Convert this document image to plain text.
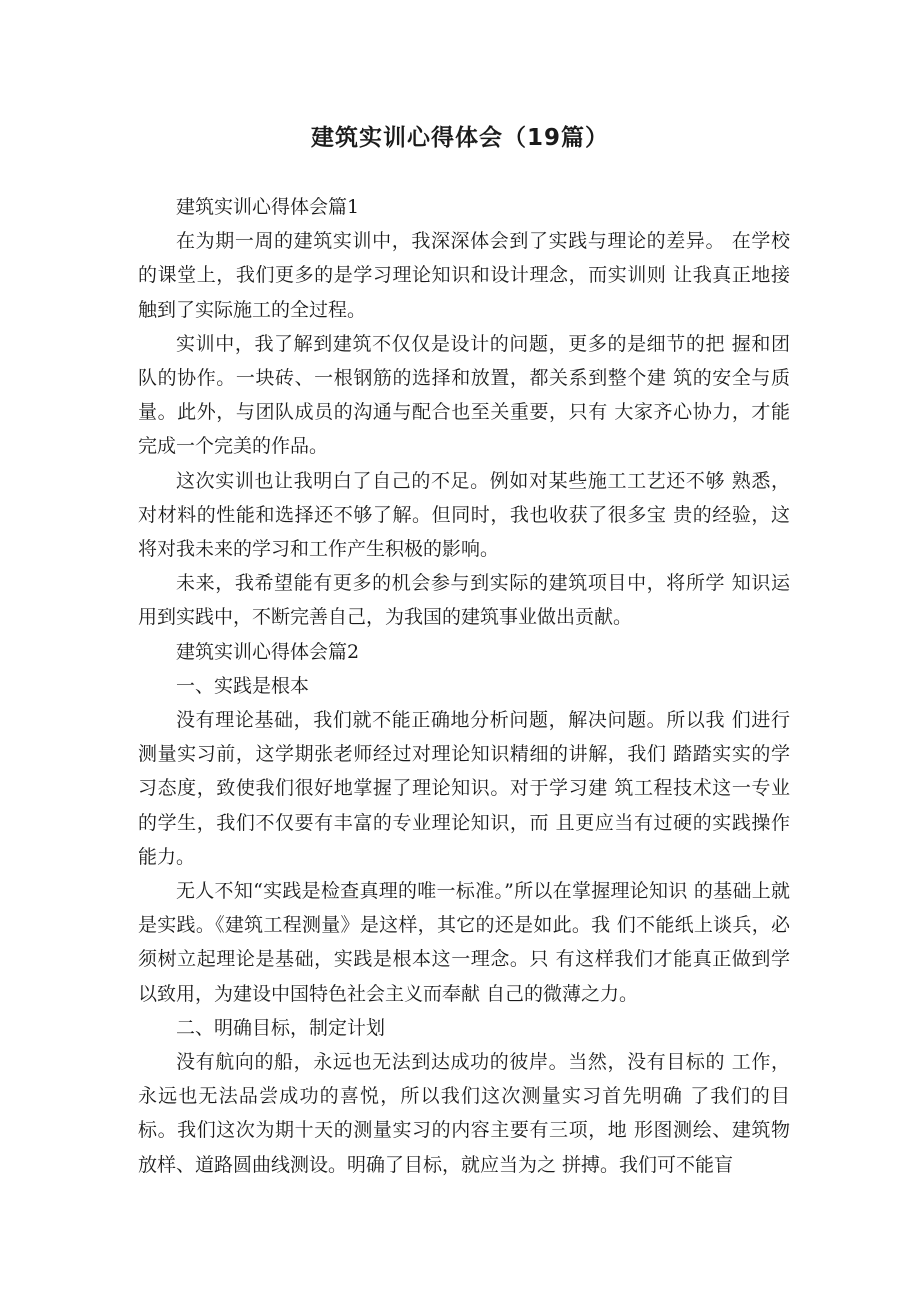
建筑实训心得体会（19篇）

建筑实训心得体会篇1

在为期一周的建筑实训中，我深深体会到了实践与理论的差异。 在学校的课堂上，我们更多的是学习理论知识和设计理念，而实训则 让我真正地接触到了实际施工的全过程。

实训中，我了解到建筑不仅仅是设计的问题，更多的是细节的把 握和团队的协作。一块砖、一根钢筋的选择和放置，都关系到整个建 筑的安全与质量。此外，与团队成员的沟通与配合也至关重要，只有 大家齐心协力，才能完成一个完美的作品。

这次实训也让我明白了自己的不足。例如对某些施工工艺还不够 熟悉，对材料的性能和选择还不够了解。但同时，我也收获了很多宝 贵的经验，这将对我未来的学习和工作产生积极的影响。

未来，我希望能有更多的机会参与到实际的建筑项目中，将所学 知识运用到实践中，不断完善自己，为我国的建筑事业做出贡献。

建筑实训心得体会篇2

一、实践是根本

没有理论基础，我们就不能正确地分析问题，解决问题。所以我 们进行测量实习前，这学期张老师经过对理论知识精细的讲解，我们 踏踏实实的学习态度，致使我们很好地掌握了理论知识。对于学习建 筑工程技术这一专业的学生，我们不仅要有丰富的专业理论知识，而 且更应当有过硬的实践操作能力。

无人不知“实践是检查真理的唯一标准。”所以在掌握理论知识 的基础上就是实践。《建筑工程测量》是这样，其它的还是如此。我 们不能纸上谈兵，必须树立起理论是基础，实践是根本这一理念。只 有这样我们才能真正做到学以致用，为建设中国特色社会主义而奉献 自己的微薄之力。

二、明确目标，制定计划

没有航向的船，永远也无法到达成功的彼岸。当然，没有目标的 工作，永远也无法品尝成功的喜悦，所以我们这次测量实习首先明确 了我们的目标。我们这次为期十天的测量实习的内容主要有三项，地 形图测绘、建筑物放样、道路圆曲线测设。明确了目标，就应当为之 拼搏。我们可不能盲
